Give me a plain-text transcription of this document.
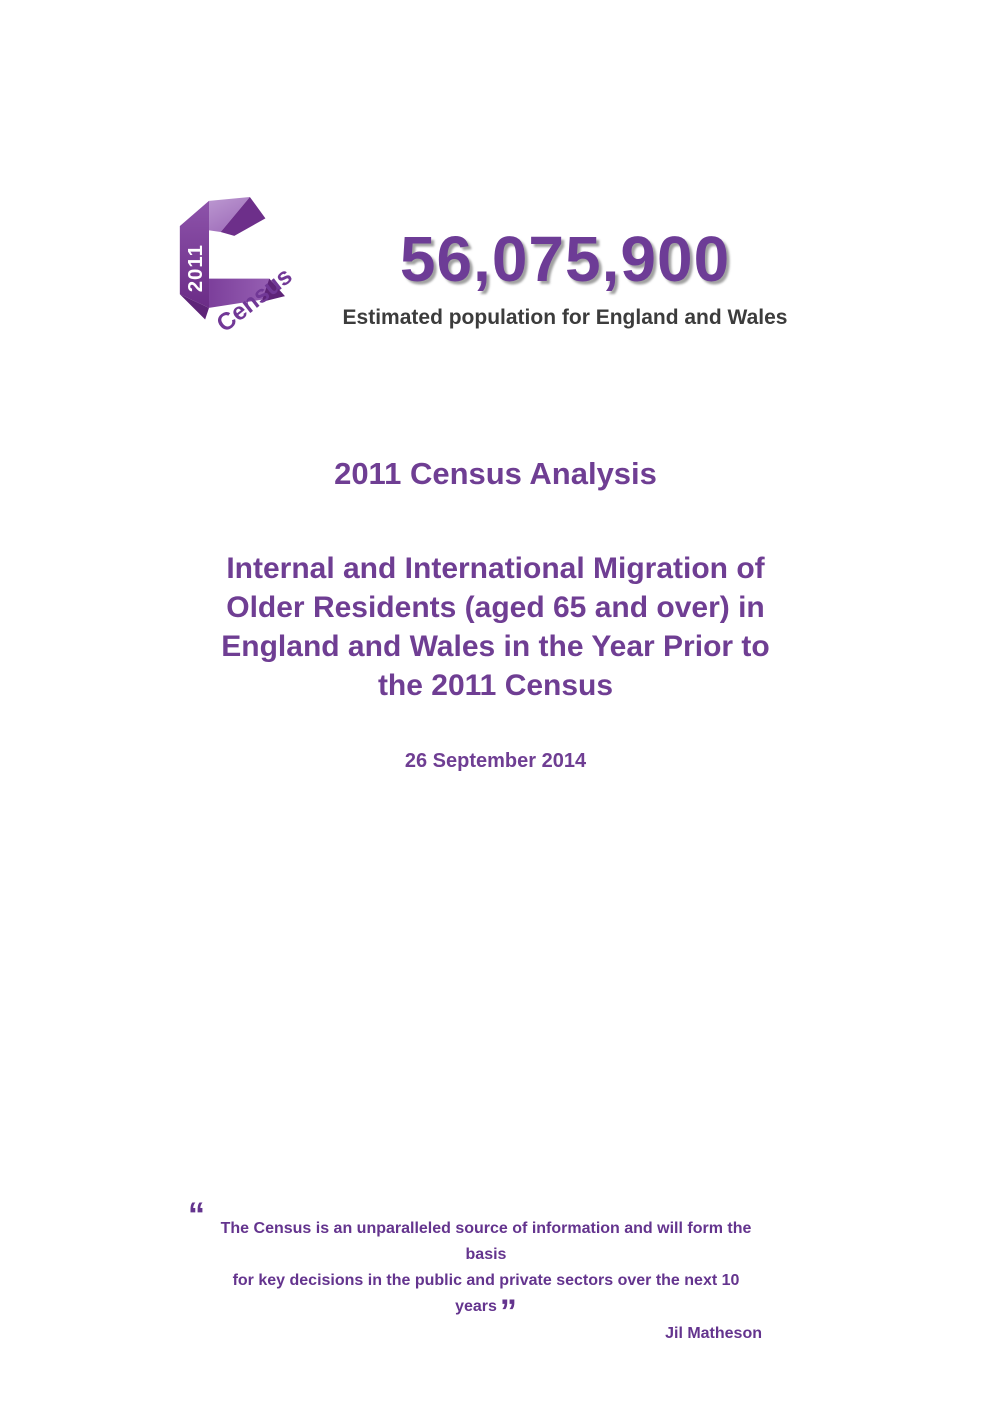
2011 Census
56,075,900
Estimated population for England and Wales
2011 Census Analysis
Internal and International Migration of
Older Residents (aged 65 and over) in
England and Wales in the Year Prior to
the 2011 Census
26 September 2014
“ The Census is an unparalleled source of information and will form the basis
for key decisions in the public and private sectors over the next 10 years”
Jil Matheson
